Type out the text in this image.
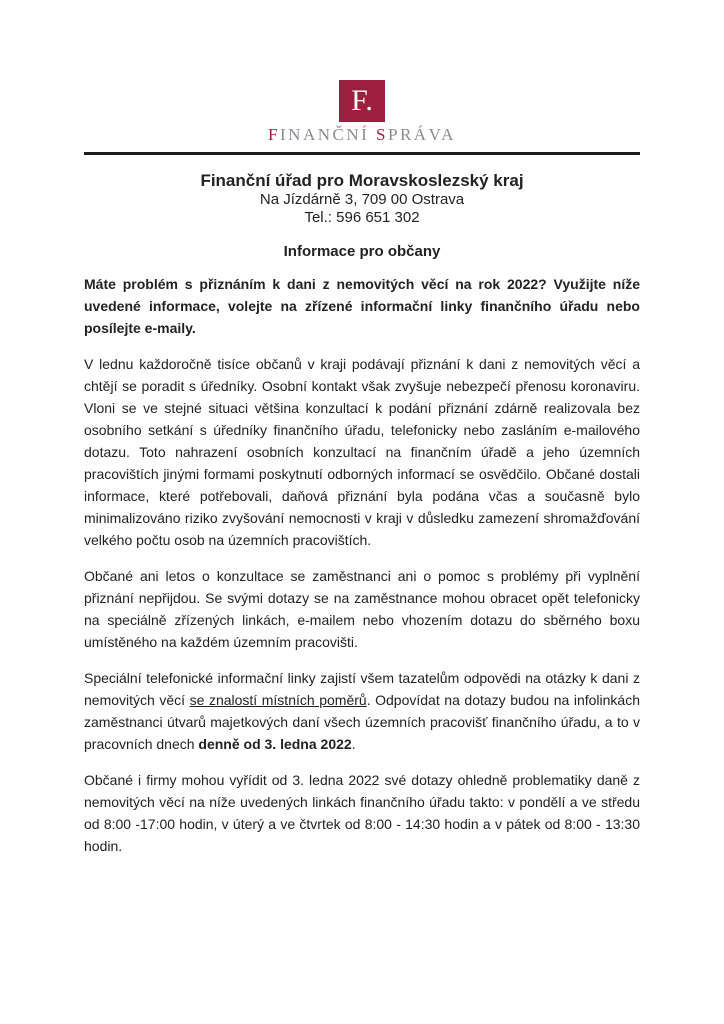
F.
FINANČNÍ SPRÁVA
Finanční úřad pro Moravskoslezský kraj
Na Jízdárně 3, 709 00 Ostrava
Tel.: 596 651 302
Informace pro občany

Máte problém s přiznáním k dani z nemovitých věcí na rok 2022? Využijte níže uvedené informace, volejte na zřízené informační linky finančního úřadu nebo posílejte e-maily.

V lednu každoročně tisíce občanů v kraji podávají přiznání k dani z nemovitých věcí a chtějí se poradit s úředníky. Osobní kontakt však zvyšuje nebezpečí přenosu koronaviru. Vloni se ve stejné situaci většina konzultací k podání přiznání zdárně realizovala bez osobního setkání s úředníky finančního úřadu, telefonicky nebo zasláním e-mailového dotazu. Toto nahrazení osobních konzultací na finančním úřadě a jeho územních pracovištích jinými formami poskytnutí odborných informací se osvědčilo. Občané dostali informace, které potřebovali, daňová přiznání byla podána včas a současně bylo minimalizováno riziko zvyšování nemocnosti v kraji v důsledku zamezení shromažďování velkého počtu osob na územních pracovištích.

Občané ani letos o konzultace se zaměstnanci ani o pomoc s problémy při vyplnění přiznání nepřijdou. Se svými dotazy se na zaměstnance mohou obracet opět telefonicky na speciálně zřízených linkách, e-mailem nebo vhozením dotazu do sběrného boxu umístěného na každém územním pracovišti.

Speciální telefonické informační linky zajistí všem tazatelům odpovědi na otázky k dani z nemovitých věcí se znalostí místních poměrů. Odpovídat na dotazy budou na infolinkách zaměstnanci útvarů majetkových daní všech územních pracovišť finančního úřadu, a to v pracovních dnech denně od 3. ledna 2022.

Občané i firmy mohou vyřídit od 3. ledna 2022 své dotazy ohledně problematiky daně z nemovitých věcí na níže uvedených linkách finančního úřadu takto: v pondělí a ve středu od 8:00 -17:00 hodin, v úterý a ve čtvrtek od 8:00 - 14:30 hodin a v pátek od 8:00 - 13:30 hodin.
